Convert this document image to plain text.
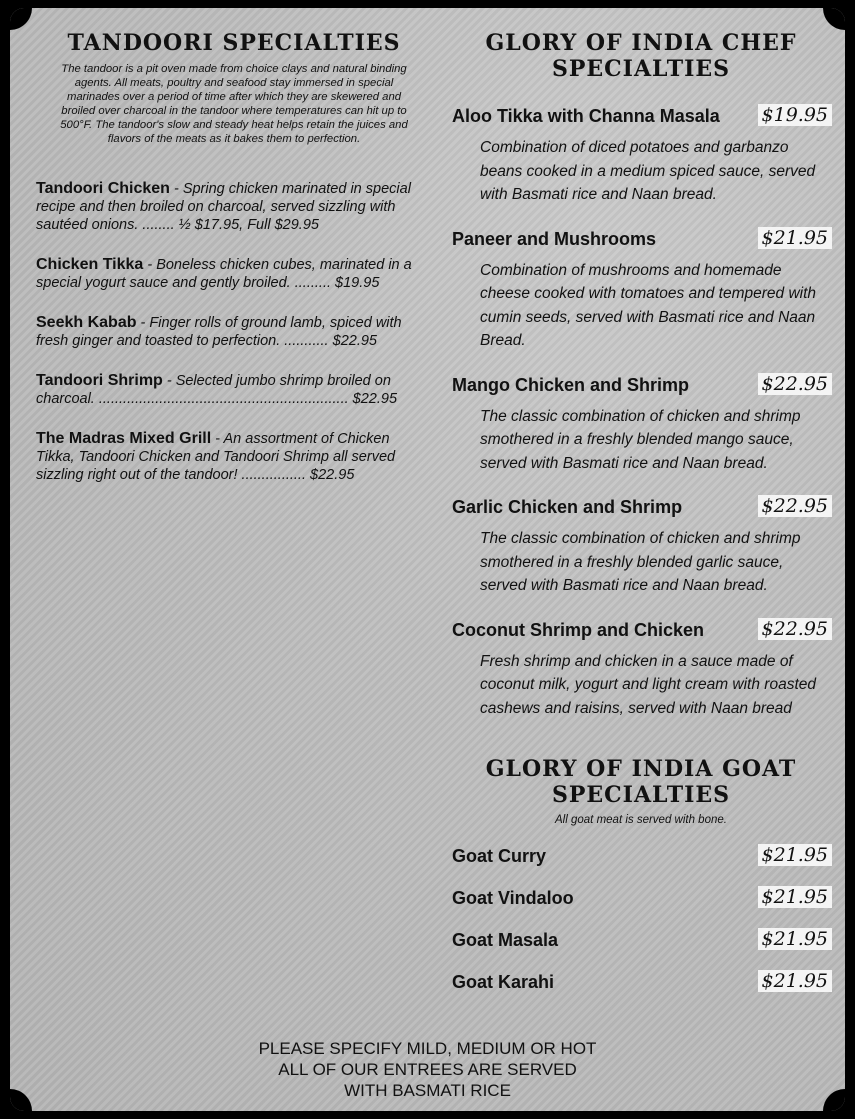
TANDOORI SPECIALTIES

The tandoor is a pit oven made from choice clays and natural binding agents. All meats, poultry and seafood stay immersed in special marinades over a period of time after which they are skewered and broiled over charcoal in the tandoor where temperatures can hit up to 500°F. The tandoor's slow and steady heat helps retain the juices and flavors of the meats as it bakes them to perfection.

Tandoori Chicken - Spring chicken marinated in special recipe and then broiled on charcoal, served sizzling with sautéed onions. ........ ½ $17.95, Full $29.95
Chicken Tikka - Boneless chicken cubes, marinated in a special yogurt sauce and gently broiled. ......... $19.95
Seekh Kabab - Finger rolls of ground lamb, spiced with fresh ginger and toasted to perfection. ........... $22.95
Tandoori Shrimp - Selected jumbo shrimp broiled on charcoal. .............................................................. $22.95
The Madras Mixed Grill - An assortment of Chicken Tikka, Tandoori Chicken and Tandoori Shrimp all served sizzling right out of the tandoor! ................ $22.95
GLORY OF INDIA CHEF SPECIALTIES
Aloo Tikka with Channa Masala $19.95
Combination of diced potatoes and garbanzo beans cooked in a medium spiced sauce, served with Basmati rice and Naan bread.
Paneer and Mushrooms	$21.95
Combination of mushrooms and homemade cheese cooked with tomatoes and tempered with cumin seeds, served with Basmati rice and Naan Bread.
Mango Chicken and Shrimp	$22.95
The classic combination of chicken and shrimp smothered in a freshly blended mango sauce, served with Basmati rice and Naan bread.
Garlic Chicken and Shrimp	$22.95
The classic combination of chicken and shrimp smothered in a freshly blended garlic sauce, served with Basmati rice and Naan bread.
Coconut Shrimp and Chicken	$22.95
Fresh shrimp and chicken in a sauce made of coconut milk, yogurt and light cream with roasted cashews and raisins, served with Naan bread
GLORY OF INDIA GOAT SPECIALTIES
All goat meat is served with bone.
Goat Curry	$21.95
Goat Vindaloo	$21.95
Goat Masala	$21.95
Goat Karahi	$21.95
PLEASE SPECIFY MILD, MEDIUM OR HOT
ALL OF OUR ENTREES ARE SERVED
WITH BASMATI RICE
